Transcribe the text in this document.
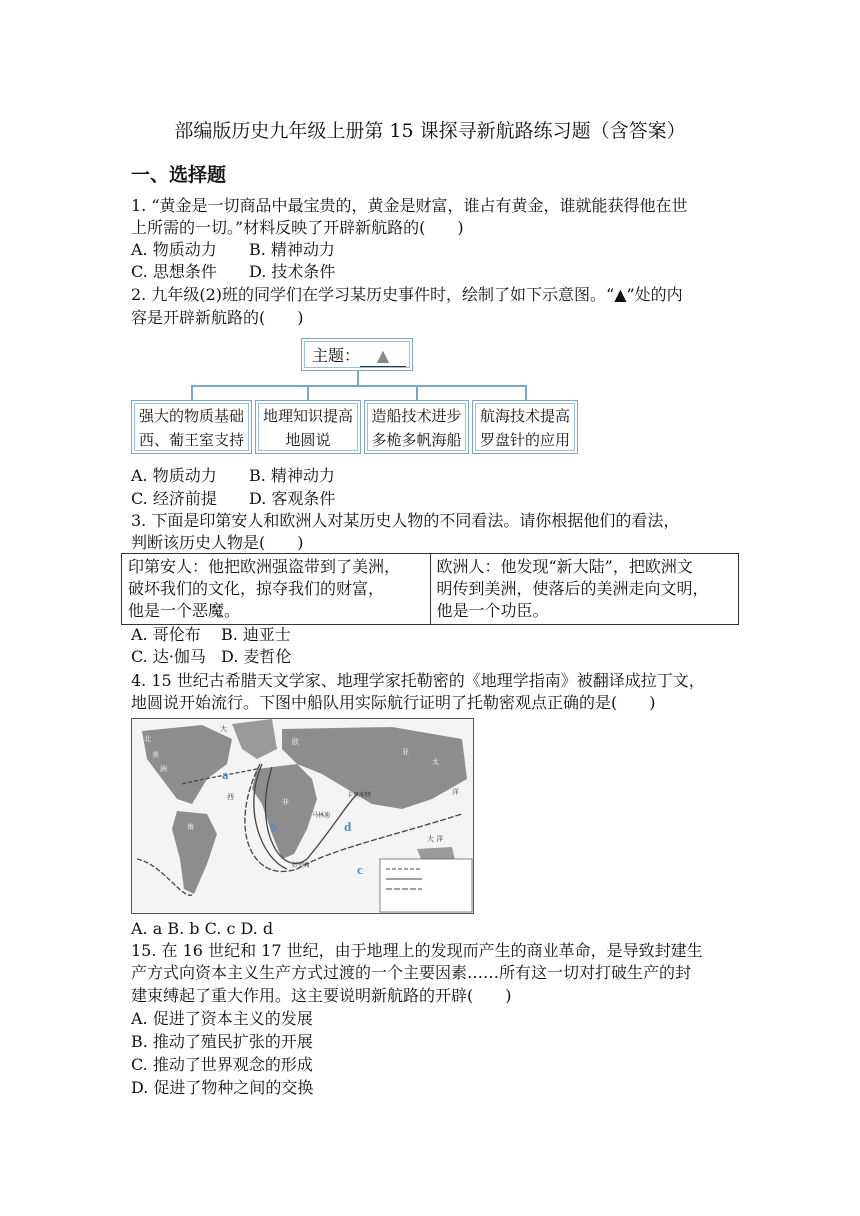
部编版历史九年级上册第 15 课探寻新航路练习题（含答案）
一、选择题
1. “黄金是一切商品中最宝贵的，黄金是财富，谁占有黄金，谁就能获得他在世
上所需的一切。”材料反映了开辟新航路的(　　)
A. 物质动力 B. 精神动力
C. 思想条件 D. 技术条件
2. 九年级(2)班的同学们在学习某历史事件时，绘制了如下示意图。“▲”处的内
容是开辟新航路的(　　)
主题： ▲
强大的物质基础
西、葡王室支持
地理知识提高
地圆说
造船技术进步
多桅多帆海船
航海技术提高
罗盘针的应用
A. 物质动力 B. 精神动力
C. 经济前提 D. 客观条件
3. 下面是印第安人和欧洲人对某历史人物的不同看法。请你根据他们的看法，
判断该历史人物是(　　)
印第安人：他把欧洲强盗带到了美洲，
破坏我们的文化，掠夺我们的财富，
他是一个恶魔。

欧洲人：他发现“新大陆”，把欧洲文
明传到美洲，使落后的美洲走向文明，
他是一个功臣。
A. 哥伦布 B. 迪亚士
C. 达·伽马 D. 麦哲伦
4. 15 世纪古希腊天文学家、地理学家托勒密的《地理学指南》被翻译成拉丁文，
地圆说开始流行。下图中船队用实际航行证明了托勒密观点正确的是(　　)
a
b
c
d
北
美
洲
大
西
欧
亚
非
南
太
洋
大 洋
好望角
马林迪
卡里库特
A. a B. b C. c D. d
15. 在 16 世纪和 17 世纪，由于地理上的发现而产生的商业革命，是导致封建生
产方式向资本主义生产方式过渡的一个主要因素……所有这一切对打破生产的封
建束缚起了重大作用。这主要说明新航路的开辟(　　)
A. 促进了资本主义的发展
B. 推动了殖民扩张的开展
C. 推动了世界观念的形成
D. 促进了物种之间的交换
